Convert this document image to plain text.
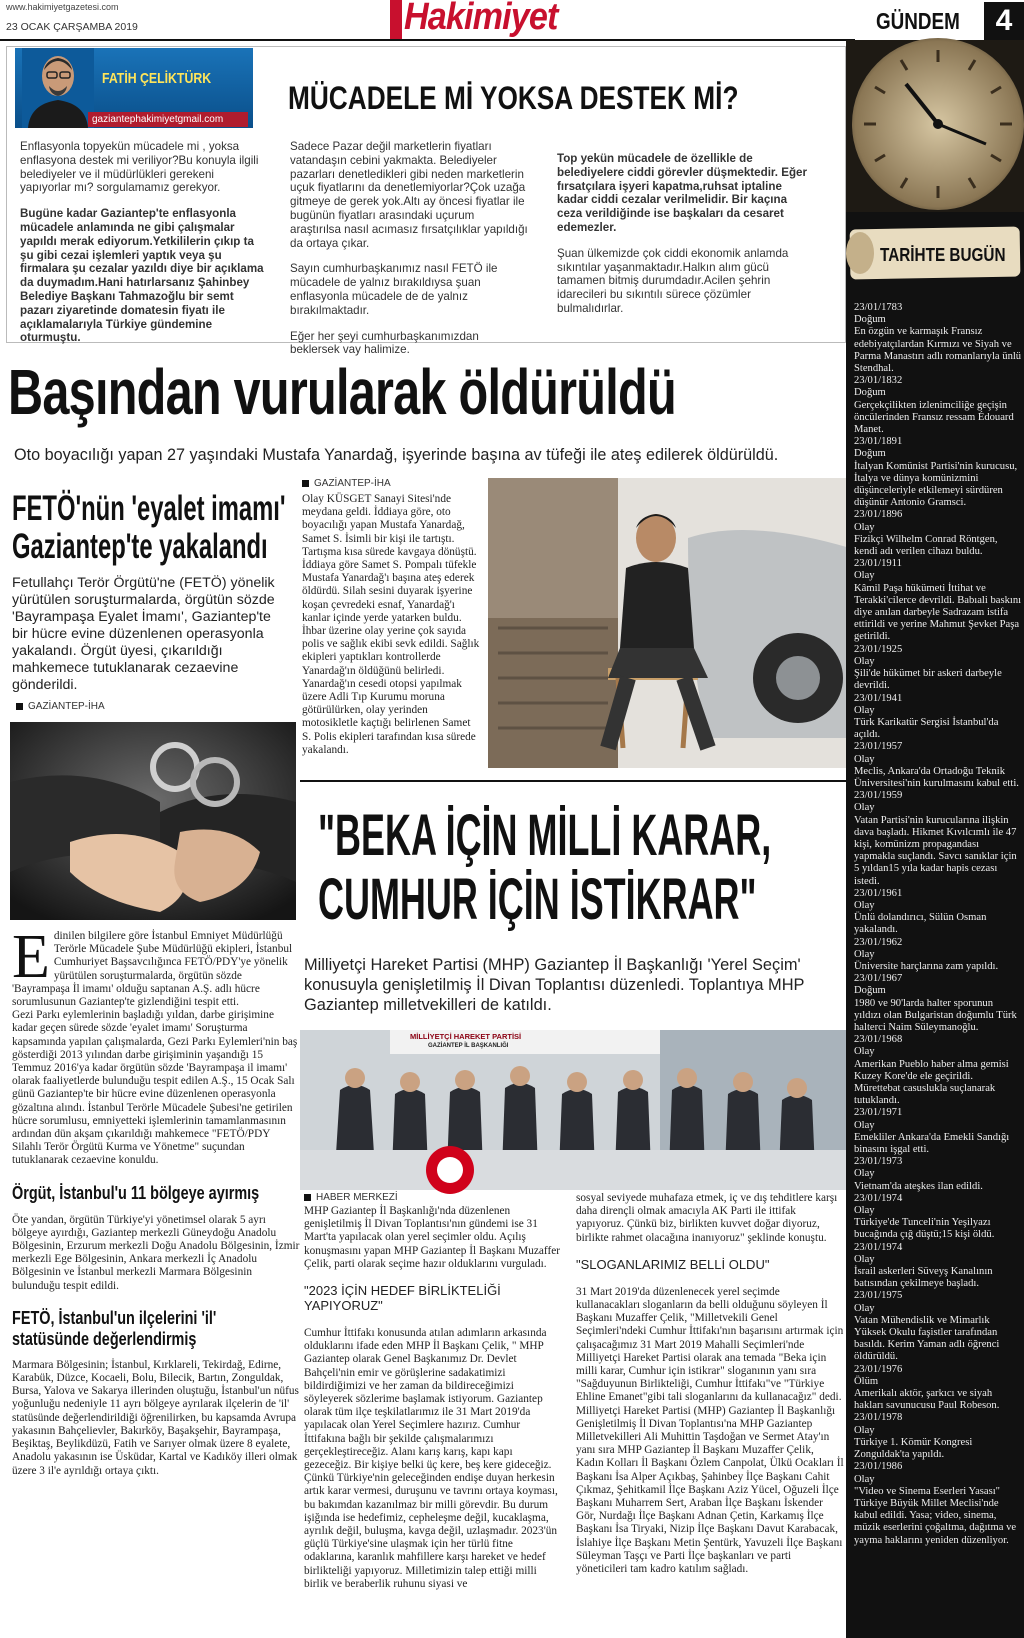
www.hakimiyetgazetesi.com
23 OCAK ÇARŞAMBA 2019	Hakimiyet	GÜNDEM	4
FATİH ÇELİKTÜRK
gaziantephakimiyetgmail.com
MÜCADELE Mİ YOKSA DESTEK Mİ?

Enflasyonla topyekün mücadele mi , yoksa enflasyona destek mi veriliyor?Bu konuyla ilgili belediyeler ve il müdürlükleri gerekeni yapıyorlar mı? sorgulamamız gerekyor.

Bugüne kadar Gaziantep'te enflasyonla mücadele anlamında ne gibi çalışmalar yapıldı merak ediyorum.Yetkililerin çıkıp ta şu gibi cezai işlemleri yaptık veya şu firmalara şu cezalar yazıldı diye bir açıklama da duymadım.Hani hatırlarsanız Şahinbey Belediye Başkanı Tahmazoğlu bir semt pazarı ziyaretinde domatesin fiyatı ile açıklamalarıyla Türkiye gündemine oturmuştu.

Sadece Pazar değil marketlerin fiyatları vatandaşın cebini yakmakta. Belediyeler pazarları denetledikleri gibi neden marketlerin uçuk fiyatlarını da denetlemiyorlar?Çok uzağa gitmeye de gerek yok.Altı ay öncesi fiyatlar ile bugünün fiyatları arasındaki uçurum araştırılsa nasıl acımasız fırsatçılıklar yapıldığı da ortaya çıkar.

Sayın cumhurbaşkanımız nasıl FETÖ ile mücadele de yalnız bırakıldıysa şuan enflasyonla mücadele de de yalnız bırakılmaktadır.

Eğer her şeyi cumhurbaşkanımızdan beklersek vay halimize.

Top yekün mücadele de özellikle de belediyelere ciddi görevler düşmektedir. Eğer fırsatçılara işyeri kapatma,ruhsat iptaline kadar ciddi cezalar verilmelidir. Bir kaçına ceza verildiğinde ise başkaları da cesaret edemezler.

Şuan ülkemizde çok ciddi ekonomik anlamda sıkıntılar yaşanmaktadır.Halkın alım gücü tamamen bitmiş durumdadır.Acilen şehrin idarecileri bu sıkıntılı sürece çözümler bulmalıdırlar.

Başından vurularak öldürüldü
Oto boyacılığı yapan 27 yaşındaki Mustafa Yanardağ, işyerinde başına av tüfeği ile ateş edilerek öldürüldü.
FETÖ'nün 'eyalet imamı'
Gaziantep'te yakalandı
Fetullahçı Terör Örgütü'ne (FETÖ) yönelik yürütülen soruşturmalarda, örgütün sözde 'Bayrampaşa Eyalet İmamı', Gaziantep'te bir hücre evine düzenlenen operasyonla yakalandı. Örgüt üyesi, çıkarıldığı mahkemece tutuklanarak cezaevine gönderildi.
GAZİANTEP-İHA
E dinilen bilgilere göre İstanbul Emniyet Müdürlüğü Terörle Mücadele Şube Müdürlüğü ekipleri, İstanbul Cumhuriyet Başsavcılığınca FETÖ/PDY'ye yönelik yürütülen soruşturmalarda, örgütün sözde 'Bayrampaşa İl imamı' olduğu saptanan A.Ş. adlı hücre sorumlusunun Gaziantep'te gizlendiğini tespit etti.

Gezi Parkı eylemlerinin başladığı yıldan, darbe girişimine kadar geçen sürede sözde 'eyalet imamı' Soruşturma kapsamında yapılan çalışmalarda, Gezi Parkı Eylemleri'nin baş gösterdiği 2013 yılından darbe girişiminin yaşandığı 15 Temmuz 2016'ya kadar örgütün sözde 'Bayrampaşa il imamı' olarak faaliyetlerde bulunduğu tespit edilen A.Ş., 15 Ocak Salı günü Gaziantep'te bir hücre evine düzenlenen operasyonla gözaltına alındı. İstanbul Terörle Mücadele Şubesi'ne getirilen hücre sorumlusu, emniyetteki işlemlerinin tamamlanmasının ardından dün akşam çıkarıldığı mahkemece "FETÖ/PDY Silahlı Terör Örgütü Kurma ve Yönetme" suçundan tutuklanarak cezaevine konuldu.

Örgüt, İstanbul'u 11 bölgeye ayırmış

Öte yandan, örgütün Türkiye'yi yönetimsel olarak 5 ayrı bölgeye ayırdığı, Gaziantep merkezli Güneydoğu Anadolu Bölgesinin, Erzurum merkezli Doğu Anadolu Bölgesinin, İzmir merkezli Ege Bölgesinin, Ankara merkezli İç Anadolu Bölgesinin ve İstanbul merkezli Marmara Bölgesinin bulunduğu tespit edildi.

FETÖ, İstanbul'un ilçelerini 'il'
statüsünde değerlendirmiş

Marmara Bölgesinin; İstanbul, Kırklareli, Tekirdağ, Edirne, Karabük, Düzce, Kocaeli, Bolu, Bilecik, Bartın, Zonguldak, Bursa, Yalova ve Sakarya illerinden oluştuğu, İstanbul'un nüfus yoğunluğu nedeniyle 11 ayrı bölgeye ayrılarak ilçelerin de 'il' statüsünde değerlendirildiği öğrenilirken, bu kapsamda Avrupa yakasının Bahçelievler, Bakırköy, Başakşehir, Bayrampaşa, Beşiktaş, Beylikdüzü, Fatih ve Sarıyer olmak üzere 8 eyalete, Anadolu yakasının ise Üsküdar, Kartal ve Kadıköy illeri olmak üzere 3 il'e ayrıldığı ortaya çıktı.

GAZİANTEP-İHA
Olay KÜSGET Sanayi Sitesi'nde meydana geldi. İddiaya göre, oto boyacılığı yapan Mustafa Yanardağ, Samet S. İsimli bir kişi ile tartıştı. Tartışma kısa sürede kavgaya dönüştü. İddiaya göre Samet S. Pompalı tüfekle Mustafa Yanardağ'ı başına ateş ederek öldürdü. Silah sesini duyarak işyerine koşan çevredeki esnaf, Yanardağ'ı kanlar içinde yerde yatarken buldu. İhbar üzerine olay yerine çok sayıda polis ve sağlık ekibi sevk edildi. Sağlık ekipleri yaptıkları kontrollerde Yanardağ'ın öldüğünü belirledi. Yanardağ'ın cesedi otopsi yapılmak üzere Adli Tıp Kurumu moruna götürülürken, olay yerinden motosikletle kaçtığı belirlenen Samet S. Polis ekipleri tarafından kısa sürede yakalandı.
"BEKA İÇİN MİLLİ KARAR,
CUMHUR İÇİN İSTİKRAR"
Milliyetçi Hareket Partisi (MHP) Gaziantep İl Başkanlığı 'Yerel Seçim' konusuyla genişletilmiş İl Divan Toplantısı düzenledi. Toplantıya MHP Gaziantep milletvekilleri de katıldı.
MİLLİYETÇİ HAREKET PARTİSİ
GAZİANTEP İL BAŞKANLIĞI
HABER MERKEZİ

MHP Gaziantep İl Başkanlığı'nda düzenlenen genişletilmiş İl Divan Toplantısı'nın gündemi ise 31 Mart'ta yapılacak olan yerel seçimler oldu. Açılış konuşmasını yapan MHP Gaziantep İl Başkanı Muzaffer Çelik, parti olarak seçime hazır olduklarını vurguladı.

"2023 İÇİN HEDEF BİRLİKTELİĞİ YAPIYORUZ"

Cumhur İttifakı konusunda atılan adımların arkasında olduklarını ifade eden MHP İl Başkanı Çelik, " MHP Gaziantep olarak Genel Başkanımız Dr. Devlet Bahçeli'nin emir ve görüşlerine sadakatimizi bildirdiğimizi ve her zaman da bildireceğimizi söyleyerek sözlerime başlamak istiyorum. Gaziantep olarak tüm ilçe teşkilatlarımız ile 31 Mart 2019'da yapılacak olan Yerel Seçimlere hazırız. Cumhur İttifakına bağlı bir şekilde çalışmalarımızı gerçekleştireceğiz. Alanı karış karış, kapı kapı gezeceğiz. Bir kişiye belki üç kere, beş kere gideceğiz. Çünkü Türkiye'nin geleceğinden endişe duyan herkesin artık karar vermesi, duruşunu ve tavrını ortaya koyması, bu bakımdan kazanılmaz bir milli görevdir. Bu durum işiğında ise hedefimiz, cepheleşme değil, kucaklaşma, ayrılık değil, buluşma, kavga değil, uzlaşmadır. 2023'ün güçlü Türkiye'sine ulaşmak için her türlü fitne odaklarına, karanlık mahfillere karşı hareket ve hedef birlikteliği yapıyoruz. Milletimizin talep ettiği milli birlik ve beraberlik ruhunu siyasi ve

sosyal seviyede muhafaza etmek, iç ve dış tehditlere karşı daha dirençli olmak amacıyla AK Parti ile ittifak yapıyoruz. Çünkü biz, birlikten kuvvet doğar diyoruz, birlikte rahmet olacağına inanıyoruz" şeklinde konuştu.

"SLOGANLARIMIZ BELLİ OLDU"

31 Mart 2019'da düzenlenecek yerel seçimde kullanacakları sloganların da belli olduğunu söyleyen İl Başkanı Muzaffer Çelik, "Milletvekili Genel Seçimleri'ndeki Cumhur İttifakı'nın başarısını artırmak için çalışacağımız 31 Mart 2019 Mahalli Seçimleri'nde Milliyetçi Hareket Partisi olarak ana temada "Beka için milli karar, Cumhur için istikrar" sloganının yanı sıra "Sağduyunun Birlikteliği, Cumhur İttifakı"ve "Türkiye Ehline Emanet"gibi tali sloganlarını da kullanacağız" dedi.

Milliyetçi Hareket Partisi (MHP) Gaziantep İl Başkanlığı Genişletilmiş İl Divan Toplantısı'na MHP Gaziantep Milletvekilleri Ali Muhittin Taşdoğan ve Sermet Atay'ın yanı sıra MHP Gaziantep İl Başkanı Muzaffer Çelik, Kadın Kolları İl Başkanı Özlem Canpolat, Ülkü Ocakları İl Başkanı İsa Alper Açıkbaş, Şahinbey İlçe Başkanı Cahit Çıkmaz, Şehitkamil İlçe Başkanı Aziz Yücel, Oğuzeli İlçe Başkanı Muharrem Sert, Araban İlçe Başkanı İskender Gör, Nurdağı İlçe Başkanı Adnan Çetin, Karkamış İlçe Başkanı İsa Tiryaki, Nizip İlçe Başkanı Davut Karabacak, İslahiye İlçe Başkanı Metin Şentürk, Yavuzeli İlçe Başkanı Süleyman Taşçı ve Parti İlçe başkanları ve parti yöneticileri tam kadro katılım sağladı.

TARİHTE BUGÜN
23/01/1783
Doğum
En özgün ve karmaşık Fransız edebiyatçılardan Kırmızı ve Siyah ve Parma Manastırı adlı romanlarıyla ünlü Stendhal.
23/01/1832
Doğum
Gerçekçilikten izlenimciliğe geçişin öncülerinden Fransız ressam Édouard Manet.
23/01/1891
Doğum
İtalyan Komünist Partisi'nin kurucusu, İtalya ve dünya komünizmini düşünceleriyle etkilemeyi sürdüren düşünür Antonio Gramsci.
23/01/1896
Olay
Fizikçi Wilhelm Conrad Röntgen, kendi adı verilen cihazı buldu.
23/01/1911
Olay
Kâmil Paşa hükümeti İttihat ve Terakki'cilerce devrildi. Babıali baskını diye anılan darbeyle Sadrazam istifa ettirildi ve yerine Mahmut Şevket Paşa getirildi.
23/01/1925
Olay
Şili'de hükümet bir askeri darbeyle devrildi.
23/01/1941
Olay
Türk Karikatür Sergisi İstanbul'da açıldı.
23/01/1957
Olay
Meclis, Ankara'da Ortadoğu Teknik Üniversitesi'nin kurulmasını kabul etti.
23/01/1959
Olay
Vatan Partisi'nin kurucularına ilişkin dava başladı. Hikmet Kıvılcımlı ile 47 kişi, komünizm propagandası yapmakla suçlandı. Savcı sanıklar için 5 yıldan15 yıla kadar hapis cezası istedi.
23/01/1961
Olay
Ünlü dolandırıcı, Sülün Osman yakalandı.
23/01/1962
Olay
Üniversite harçlarına zam yapıldı.
23/01/1967
Doğum
1980 ve 90'larda halter sporunun yıldızı olan Bulgaristan doğumlu Türk halterci Naim Süleymanoğlu.
23/01/1968
Olay
Amerikan Pueblo haber alma gemisi Kuzey Kore'de ele geçirildi. Mürettebat casuslukla suçlanarak tutuklandı.
23/01/1971
Olay
Emekliler Ankara'da Emekli Sandığı binasını işgal etti.
23/01/1973
Olay
Vietnam'da ateşkes ilan edildi.
23/01/1974
Olay
Türkiye'de Tunceli'nin Yeşilyazı bucağında çığ düştü;15 kişi öldü.
23/01/1974
Olay
İsrail askerleri Süveyş Kanalının batısından çekilmeye başladı.
23/01/1975
Olay
Vatan Mühendislik ve Mimarlık Yüksek Okulu faşistler tarafından basıldı. Kerim Yaman adlı öğrenci öldürüldü.
23/01/1976
Ölüm
Amerikalı aktör, şarkıcı ve siyah hakları savunucusu Paul Robeson.
23/01/1978
Olay
Türkiye 1. Kömür Kongresi Zonguldak'ta yapıldı.
23/01/1986
Olay
"Video ve Sinema Eserleri Yasası" Türkiye Büyük Millet Meclisi'nde kabul edildi. Yasa; video, sinema, müzik eserlerini çoğaltma, dağıtma ve yayma haklarını yeniden düzenliyor.
